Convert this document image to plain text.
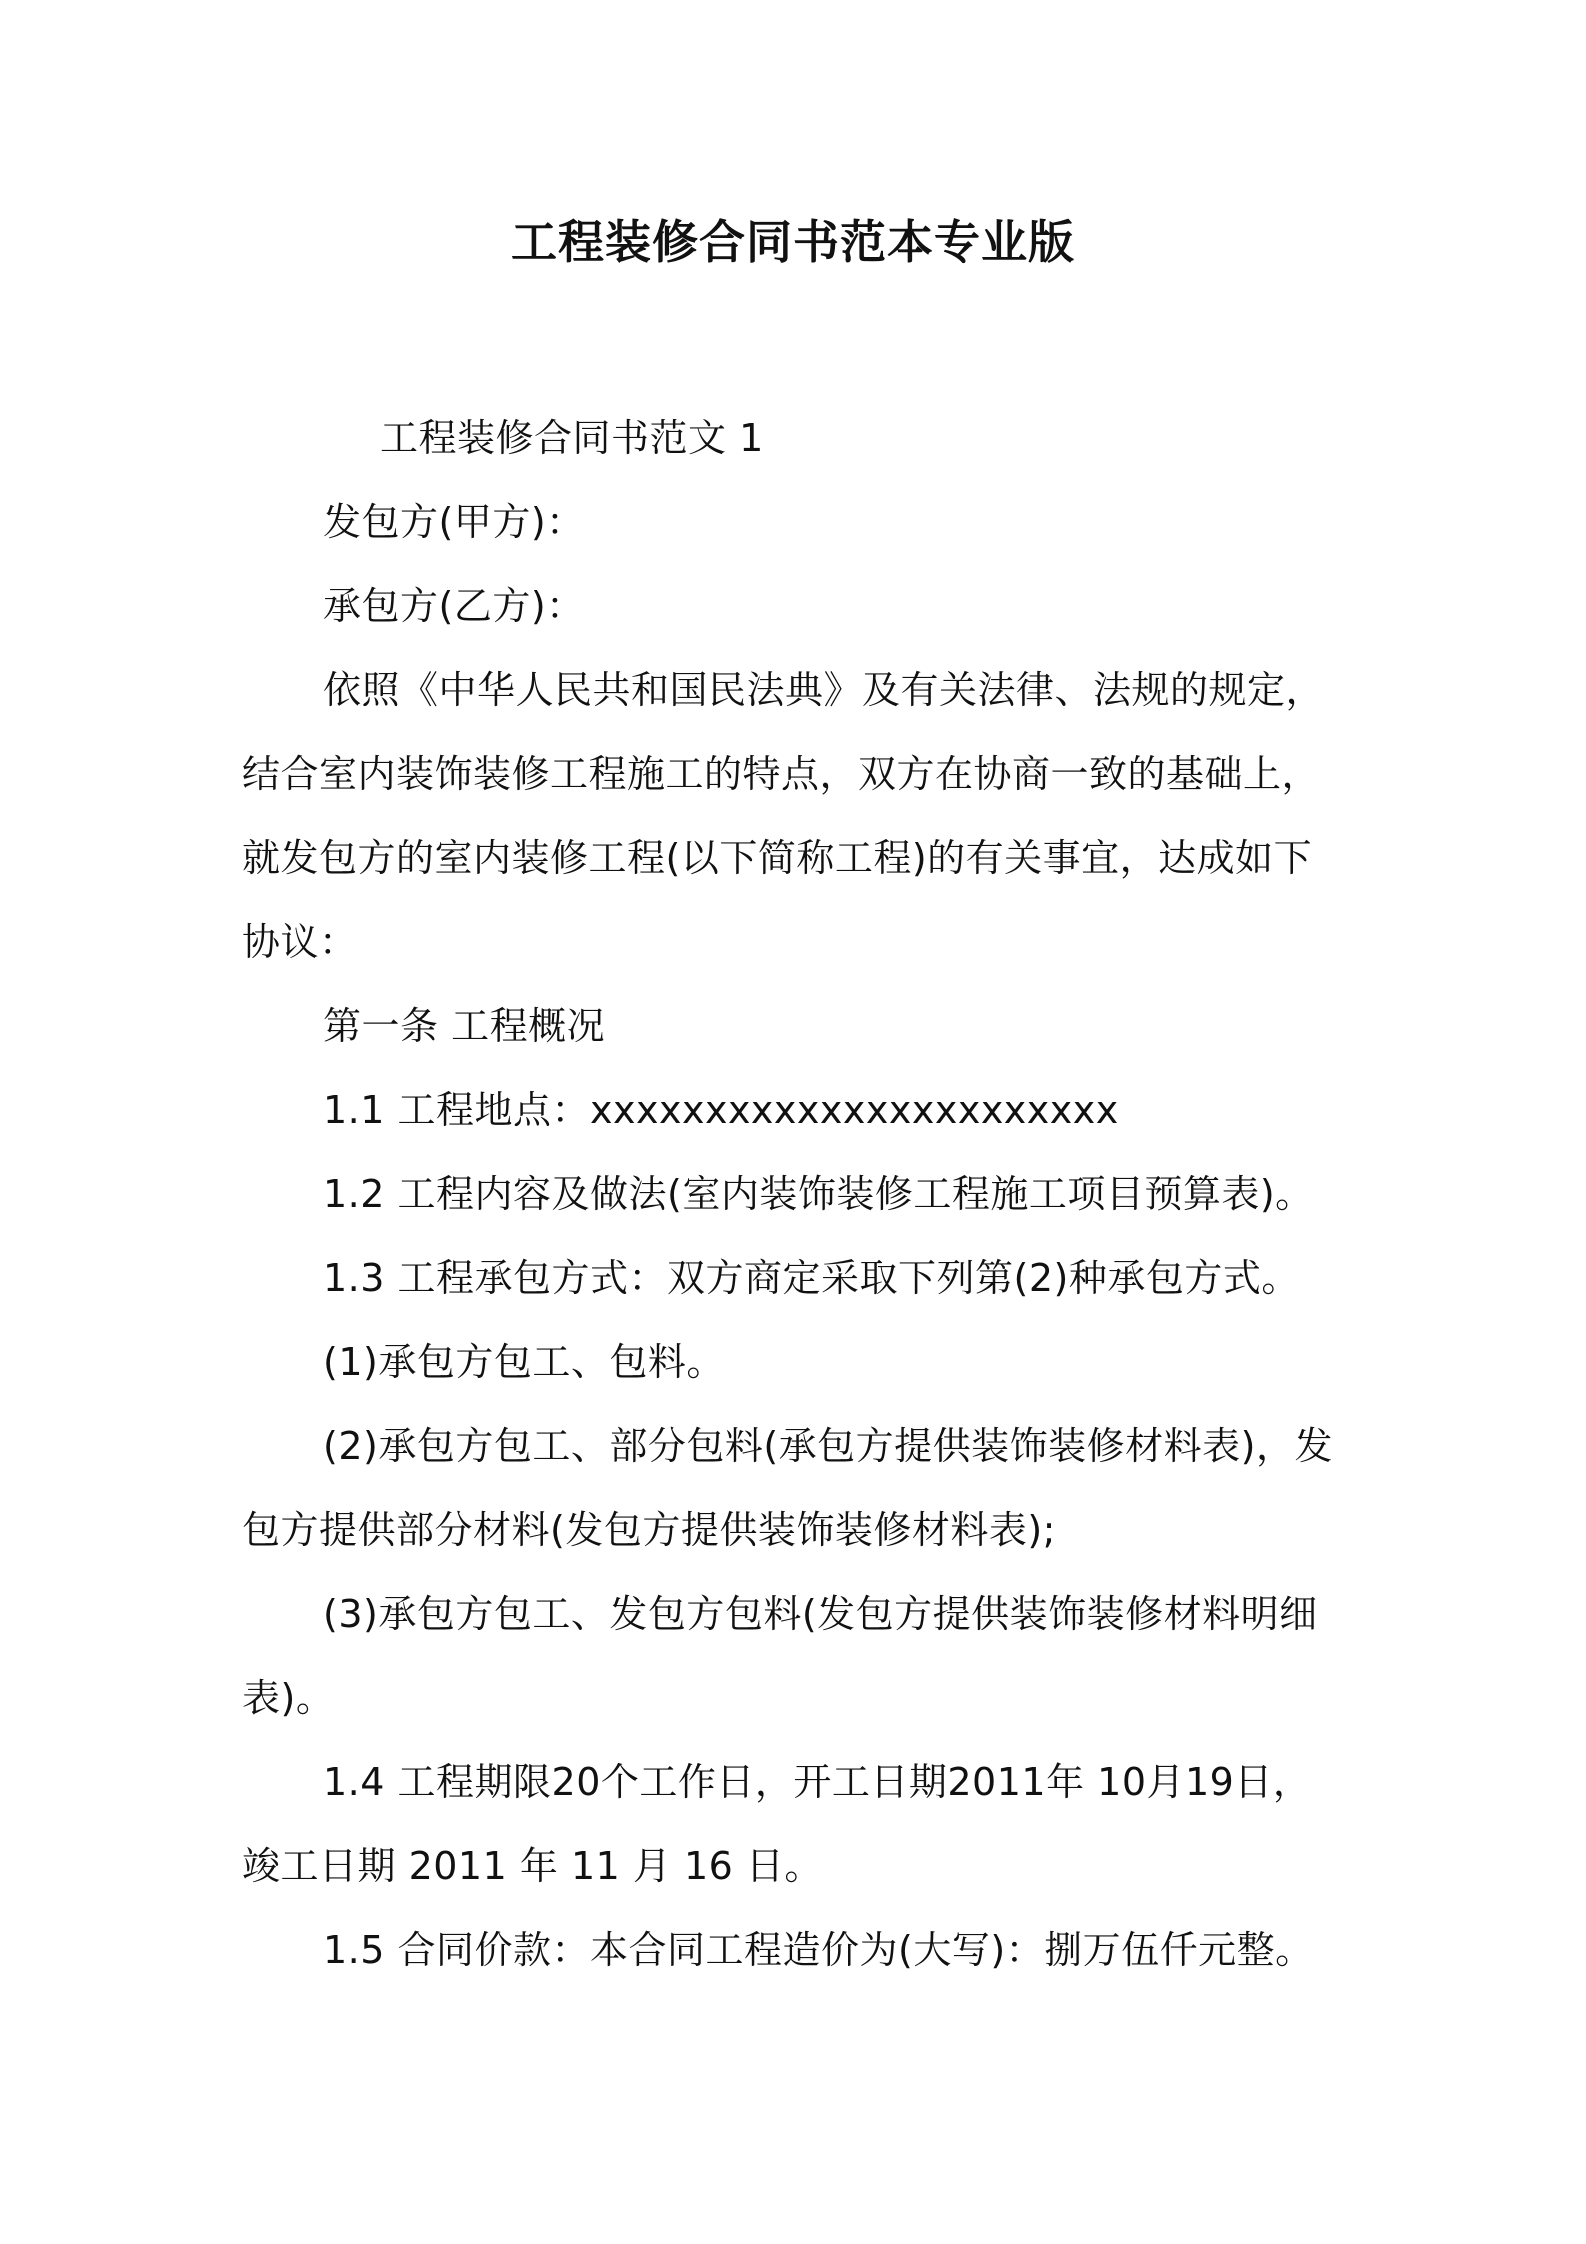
工程装修合同书范本专业版
工程装修合同书范文 1
发包方(甲方)：
承包方(乙方)：
依照《中华人民共和国民法典》及有关法律、法规的规定，
结合室内装饰装修工程施工的特点，双方在协商一致的基础上，
就发包方的室内装修工程(以下简称工程)的有关事宜，达成如下
协议：
第一条 工程概况
1.1 工程地点：xxxxxxxxxxxxxxxxxxxxxxx
1.2 工程内容及做法(室内装饰装修工程施工项目预算表)。
1.3 工程承包方式：双方商定采取下列第(2)种承包方式。
(1)承包方包工、包料。
(2)承包方包工、部分包料(承包方提供装饰装修材料表)，发
包方提供部分材料(发包方提供装饰装修材料表);
(3)承包方包工、发包方包料(发包方提供装饰装修材料明细
表)。
1.4 工程期限20个工作日，开工日期2011年 10月19日，
竣工日期 2011 年 11 月 16 日。
1.5 合同价款：本合同工程造价为(大写)：捌万伍仟元整。
